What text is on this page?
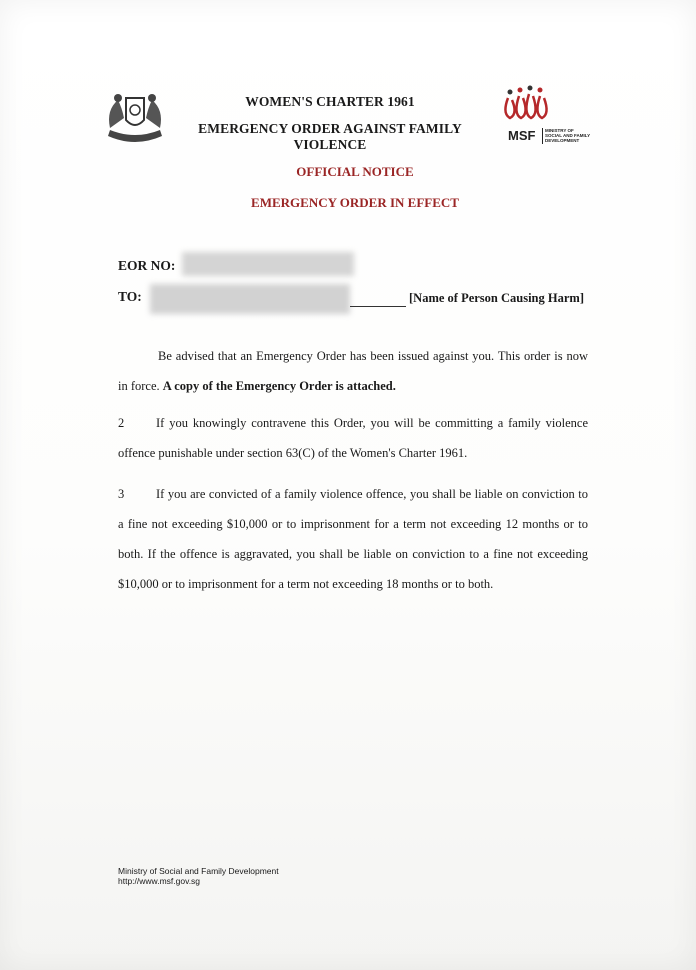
WOMEN'S CHARTER 1961
EMERGENCY ORDER AGAINST FAMILY VIOLENCE
MSF MINISTRY OF
SOCIAL AND FAMILY
DEVELOPMENT
OFFICIAL NOTICE
EMERGENCY ORDER IN EFFECT
EOR NO:
TO:	[Name of Person Causing Harm]
Be advised that an Emergency Order has been issued against you. This order is now in force. A copy of the Emergency Order is attached.
2	If you knowingly contravene this Order, you will be committing a family violence offence punishable under section 63(C) of the Women's Charter 1961.
3	If you are convicted of a family violence offence, you shall be liable on conviction to a fine not exceeding $10,000 or to imprisonment for a term not exceeding 12 months or to both. If the offence is aggravated, you shall be liable on conviction to a fine not exceeding $10,000 or to imprisonment for a term not exceeding 18 months or to both.
Ministry of Social and Family Development
http://www.msf.gov.sg
